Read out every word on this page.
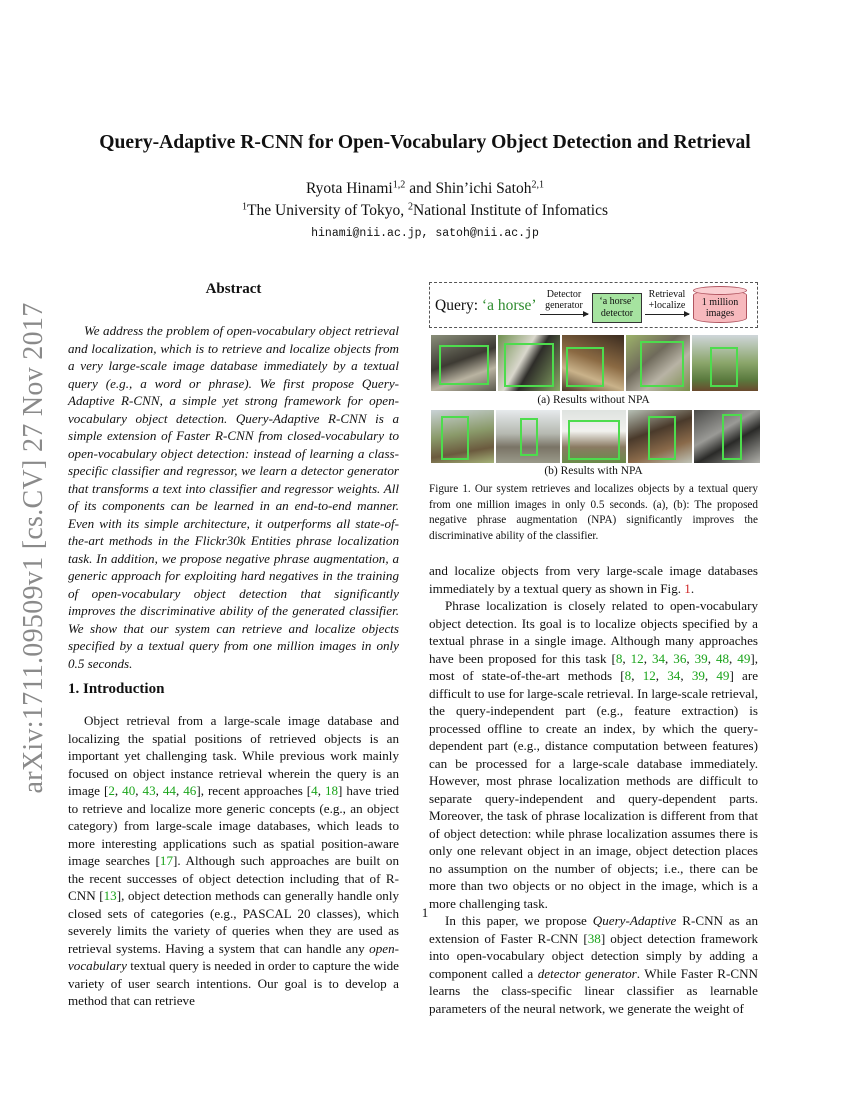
arXiv:1711.09509v1 [cs.CV] 27 Nov 2017
Query-Adaptive R-CNN for Open-Vocabulary Object Detection and Retrieval
Ryota Hinami$^{1,2}$ and Shin’ichi Satoh$^{2,1}$
$^1$The University of Tokyo, $^2$National Institute of Infomatics
hinami@nii.ac.jp, satoh@nii.ac.jp
Abstract

We address the problem of open-vocabulary object retrieval and localization, which is to retrieve and localize objects from a very large-scale image database immediately by a textual query (e.g., a word or phrase). We first propose Query-Adaptive R-CNN, a simple yet strong framework for open-vocabulary object detection. Query-Adaptive R-CNN is a simple extension of Faster R-CNN from closed-vocabulary to open-vocabulary object detection: instead of learning a class-specific classifier and regressor, we learn a detector generator that transforms a text into classifier and regressor weights. All of its components can be learned in an end-to-end manner. Even with its simple architecture, it outperforms all state-of-the-art methods in the Flickr30k Entities phrase localization task. In addition, we propose negative phrase augmentation, a generic approach for exploiting hard negatives in the training of open-vocabulary object detection that significantly improves the discriminative ability of the generated classifier. We show that our system can retrieve and localize objects specified by a textual query from one million images in only 0.5 seconds.

1. Introduction

Object retrieval from a large-scale image database and localizing the spatial positions of retrieved objects is an important yet challenging task. While previous work mainly focused on object instance retrieval wherein the query is an image [2, 40, 43, 44, 46], recent approaches [4, 18] have tried to retrieve and localize more generic concepts (e.g., an object category) from large-scale image databases, which leads to more interesting applications such as spatial position-aware image searches [17]. Although such approaches are built on the recent successes of object detection including that of R-CNN [13], object detection methods can generally handle only closed sets of categories (e.g., PASCAL 20 classes), which severely limits the variety of queries when they are used as retrieval systems. Having a system that can handle any open-vocabulary textual query is needed in order to capture the wide variety of user search intentions. Our goal is to develop a method that can retrieve

Query: ‘a horse’
Detector generator	‘a horse’ detector
Retrieval +localize	1 million images
(a) Results without NPA
(b) Results with NPA
Figure 1. Our system retrieves and localizes objects by a textual query from one million images in only 0.5 seconds. (a), (b): The proposed negative phrase augmentation (NPA) significantly improves the discriminative ability of the classifier.

and localize objects from very large-scale image databases immediately by a textual query as shown in Fig. 1.

Phrase localization is closely related to open-vocabulary object detection. Its goal is to localize objects specified by a textual phrase in a single image. Although many approaches have been proposed for this task [8, 12, 34, 36, 39, 48, 49], most of state-of-the-art methods [8, 12, 34, 39, 49] are difficult to use for large-scale retrieval. In large-scale retrieval, the query-independent part (e.g., feature extraction) is processed offline to create an index, by which the query-dependent part (e.g., distance computation between features) can be processed for a large-scale database immediately. However, most phrase localization methods are difficult to separate query-independent and query-dependent parts. Moreover, the task of phrase localization is different from that of object detection: while phrase localization assumes there is only one relevant object in an image, object detection places no assumption on the number of objects; i.e., there can be more than two objects or no object in the image, which is a more challenging task.

In this paper, we propose Query-Adaptive R-CNN as an extension of Faster R-CNN [38] object detection framework into open-vocabulary object detection simply by adding a component called a detector generator. While Faster R-CNN learns the class-specific linear classifier as learnable parameters of the neural network, we generate the weight of

1
